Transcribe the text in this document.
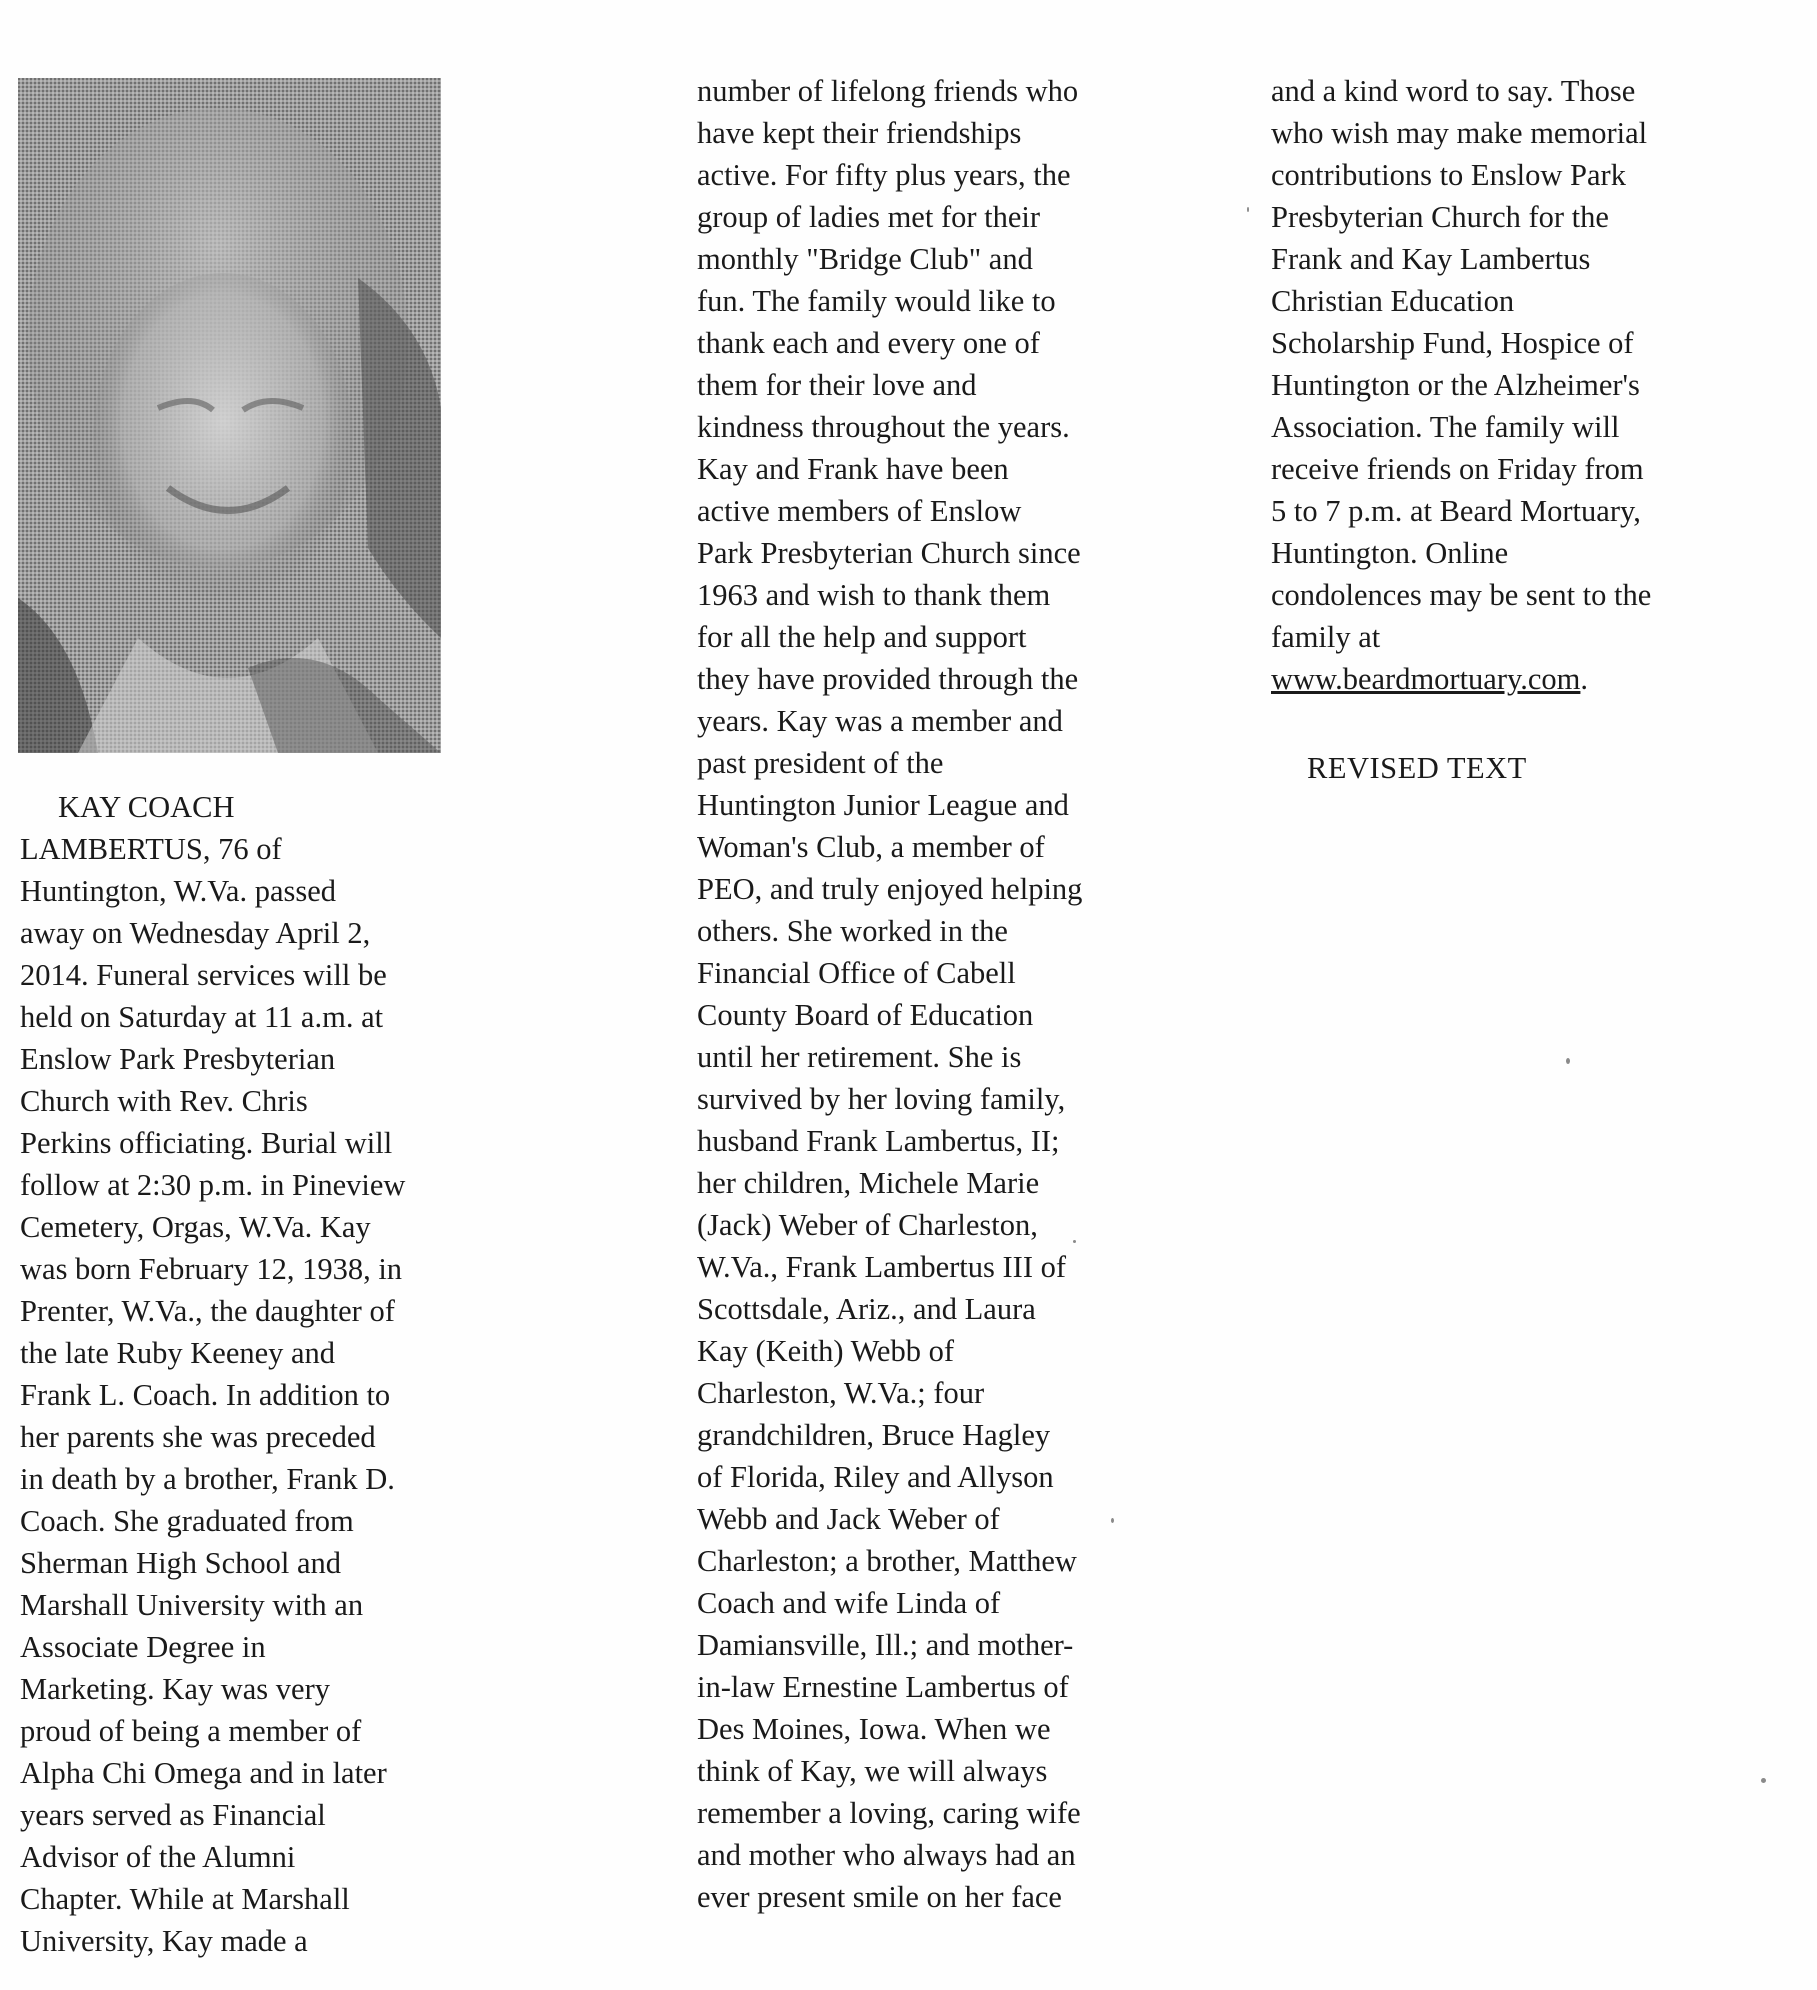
KAY COACH
LAMBERTUS, 76 of
Huntington, W.Va. passed
away on Wednesday April 2,
2014. Funeral services will be
held on Saturday at 11 a.m. at
Enslow Park Presbyterian
Church with Rev. Chris
Perkins officiating. Burial will
follow at 2:30 p.m. in Pineview
Cemetery, Orgas, W.Va. Kay
was born February 12, 1938, in
Prenter, W.Va., the daughter of
the late Ruby Keeney and
Frank L. Coach. In addition to
her parents she was preceded
in death by a brother, Frank D.
Coach. She graduated from
Sherman High School and
Marshall University with an
Associate Degree in
Marketing. Kay was very
proud of being a member of
Alpha Chi Omega and in later
years served as Financial
Advisor of the Alumni
Chapter. While at Marshall
University, Kay made a

number of lifelong friends who
have kept their friendships
active. For fifty plus years, the
group of ladies met for their
monthly "Bridge Club" and
fun. The family would like to
thank each and every one of
them for their love and
kindness throughout the years.
Kay and Frank have been
active members of Enslow
Park Presbyterian Church since
1963 and wish to thank them
for all the help and support
they have provided through the
years. Kay was a member and
past president of the
Huntington Junior League and
Woman's Club, a member of
PEO, and truly enjoyed helping
others. She worked in the
Financial Office of Cabell
County Board of Education
until her retirement. She is
survived by her loving family,
husband Frank Lambertus, II;
her children, Michele Marie
(Jack) Weber of Charleston,
W.Va., Frank Lambertus III of
Scottsdale, Ariz., and Laura
Kay (Keith) Webb of
Charleston, W.Va.; four
grandchildren, Bruce Hagley
of Florida, Riley and Allyson
Webb and Jack Weber of
Charleston; a brother, Matthew
Coach and wife Linda of
Damiansville, Ill.; and mother-
in-law Ernestine Lambertus of
Des Moines, Iowa. When we
think of Kay, we will always
remember a loving, caring wife
and mother who always had an
ever present smile on her face

and a kind word to say. Those
who wish may make memorial
contributions to Enslow Park
Presbyterian Church for the
Frank and Kay Lambertus
Christian Education
Scholarship Fund, Hospice of
Huntington or the Alzheimer's
Association. The family will
receive friends on Friday from
5 to 7 p.m. at Beard Mortuary,
Huntington. Online
condolences may be sent to the
family at
www.beardmortuary.com.

REVISED TEXT
